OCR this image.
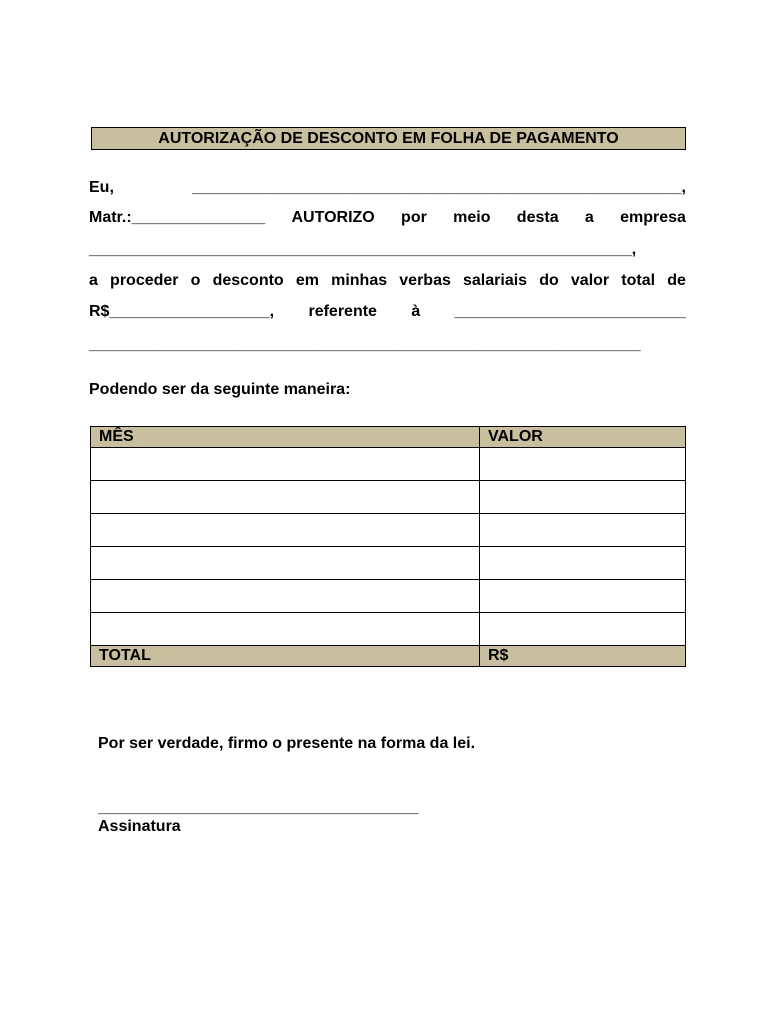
AUTORIZAÇÃO DE DESCONTO EM FOLHA DE PAGAMENTO
Eu,	_______________________________________________________,
Matr.:_______________ AUTORIZO por meio desta a empresa
_____________________________________________________________,
a proceder o desconto em minhas verbas salariais do valor total de
R$__________________, referente à __________________________
______________________________________________________________
Podendo ser da seguinte maneira:
MÊS	VALOR

TOTAL	R$
Por ser verdade, firmo o presente na forma da lei.
____________________________________
Assinatura
